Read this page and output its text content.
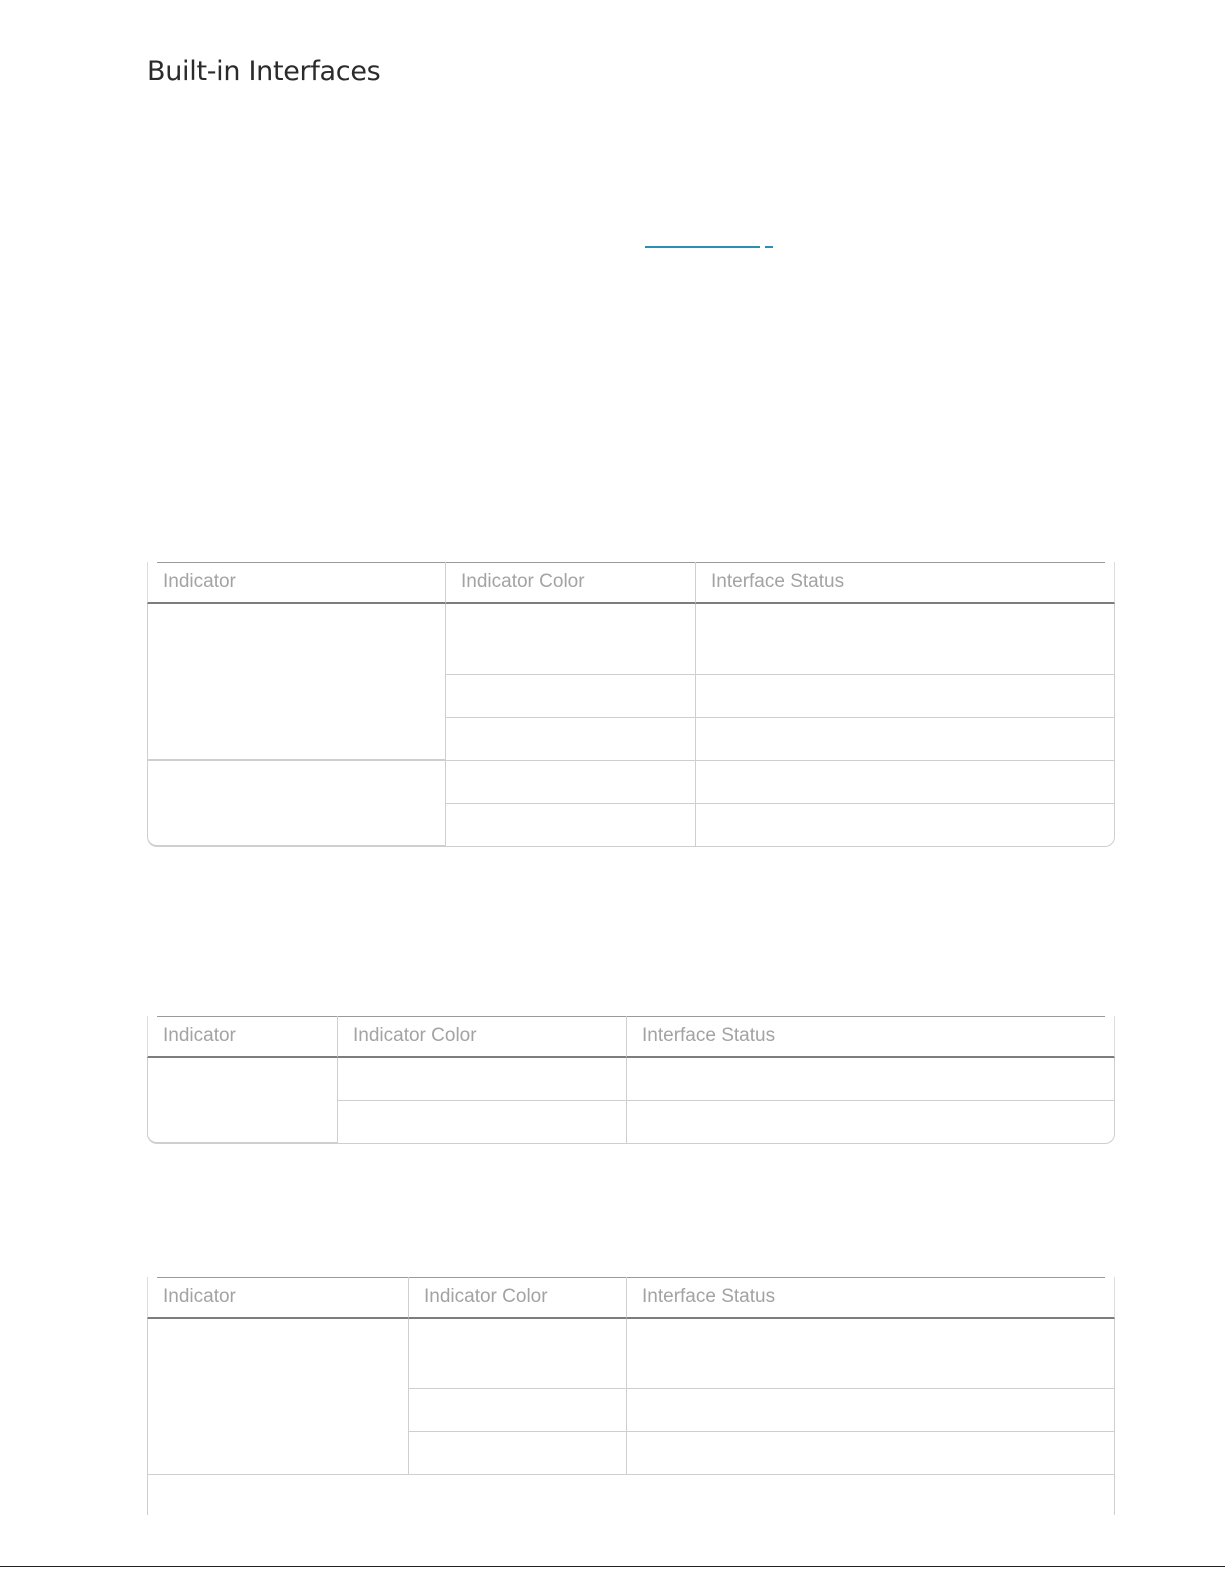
Built-in Interfaces
Indicator	Indicator Color	Interface Status

Indicator	Indicator Color	Interface Status

Indicator	Indicator Color	Interface Status
